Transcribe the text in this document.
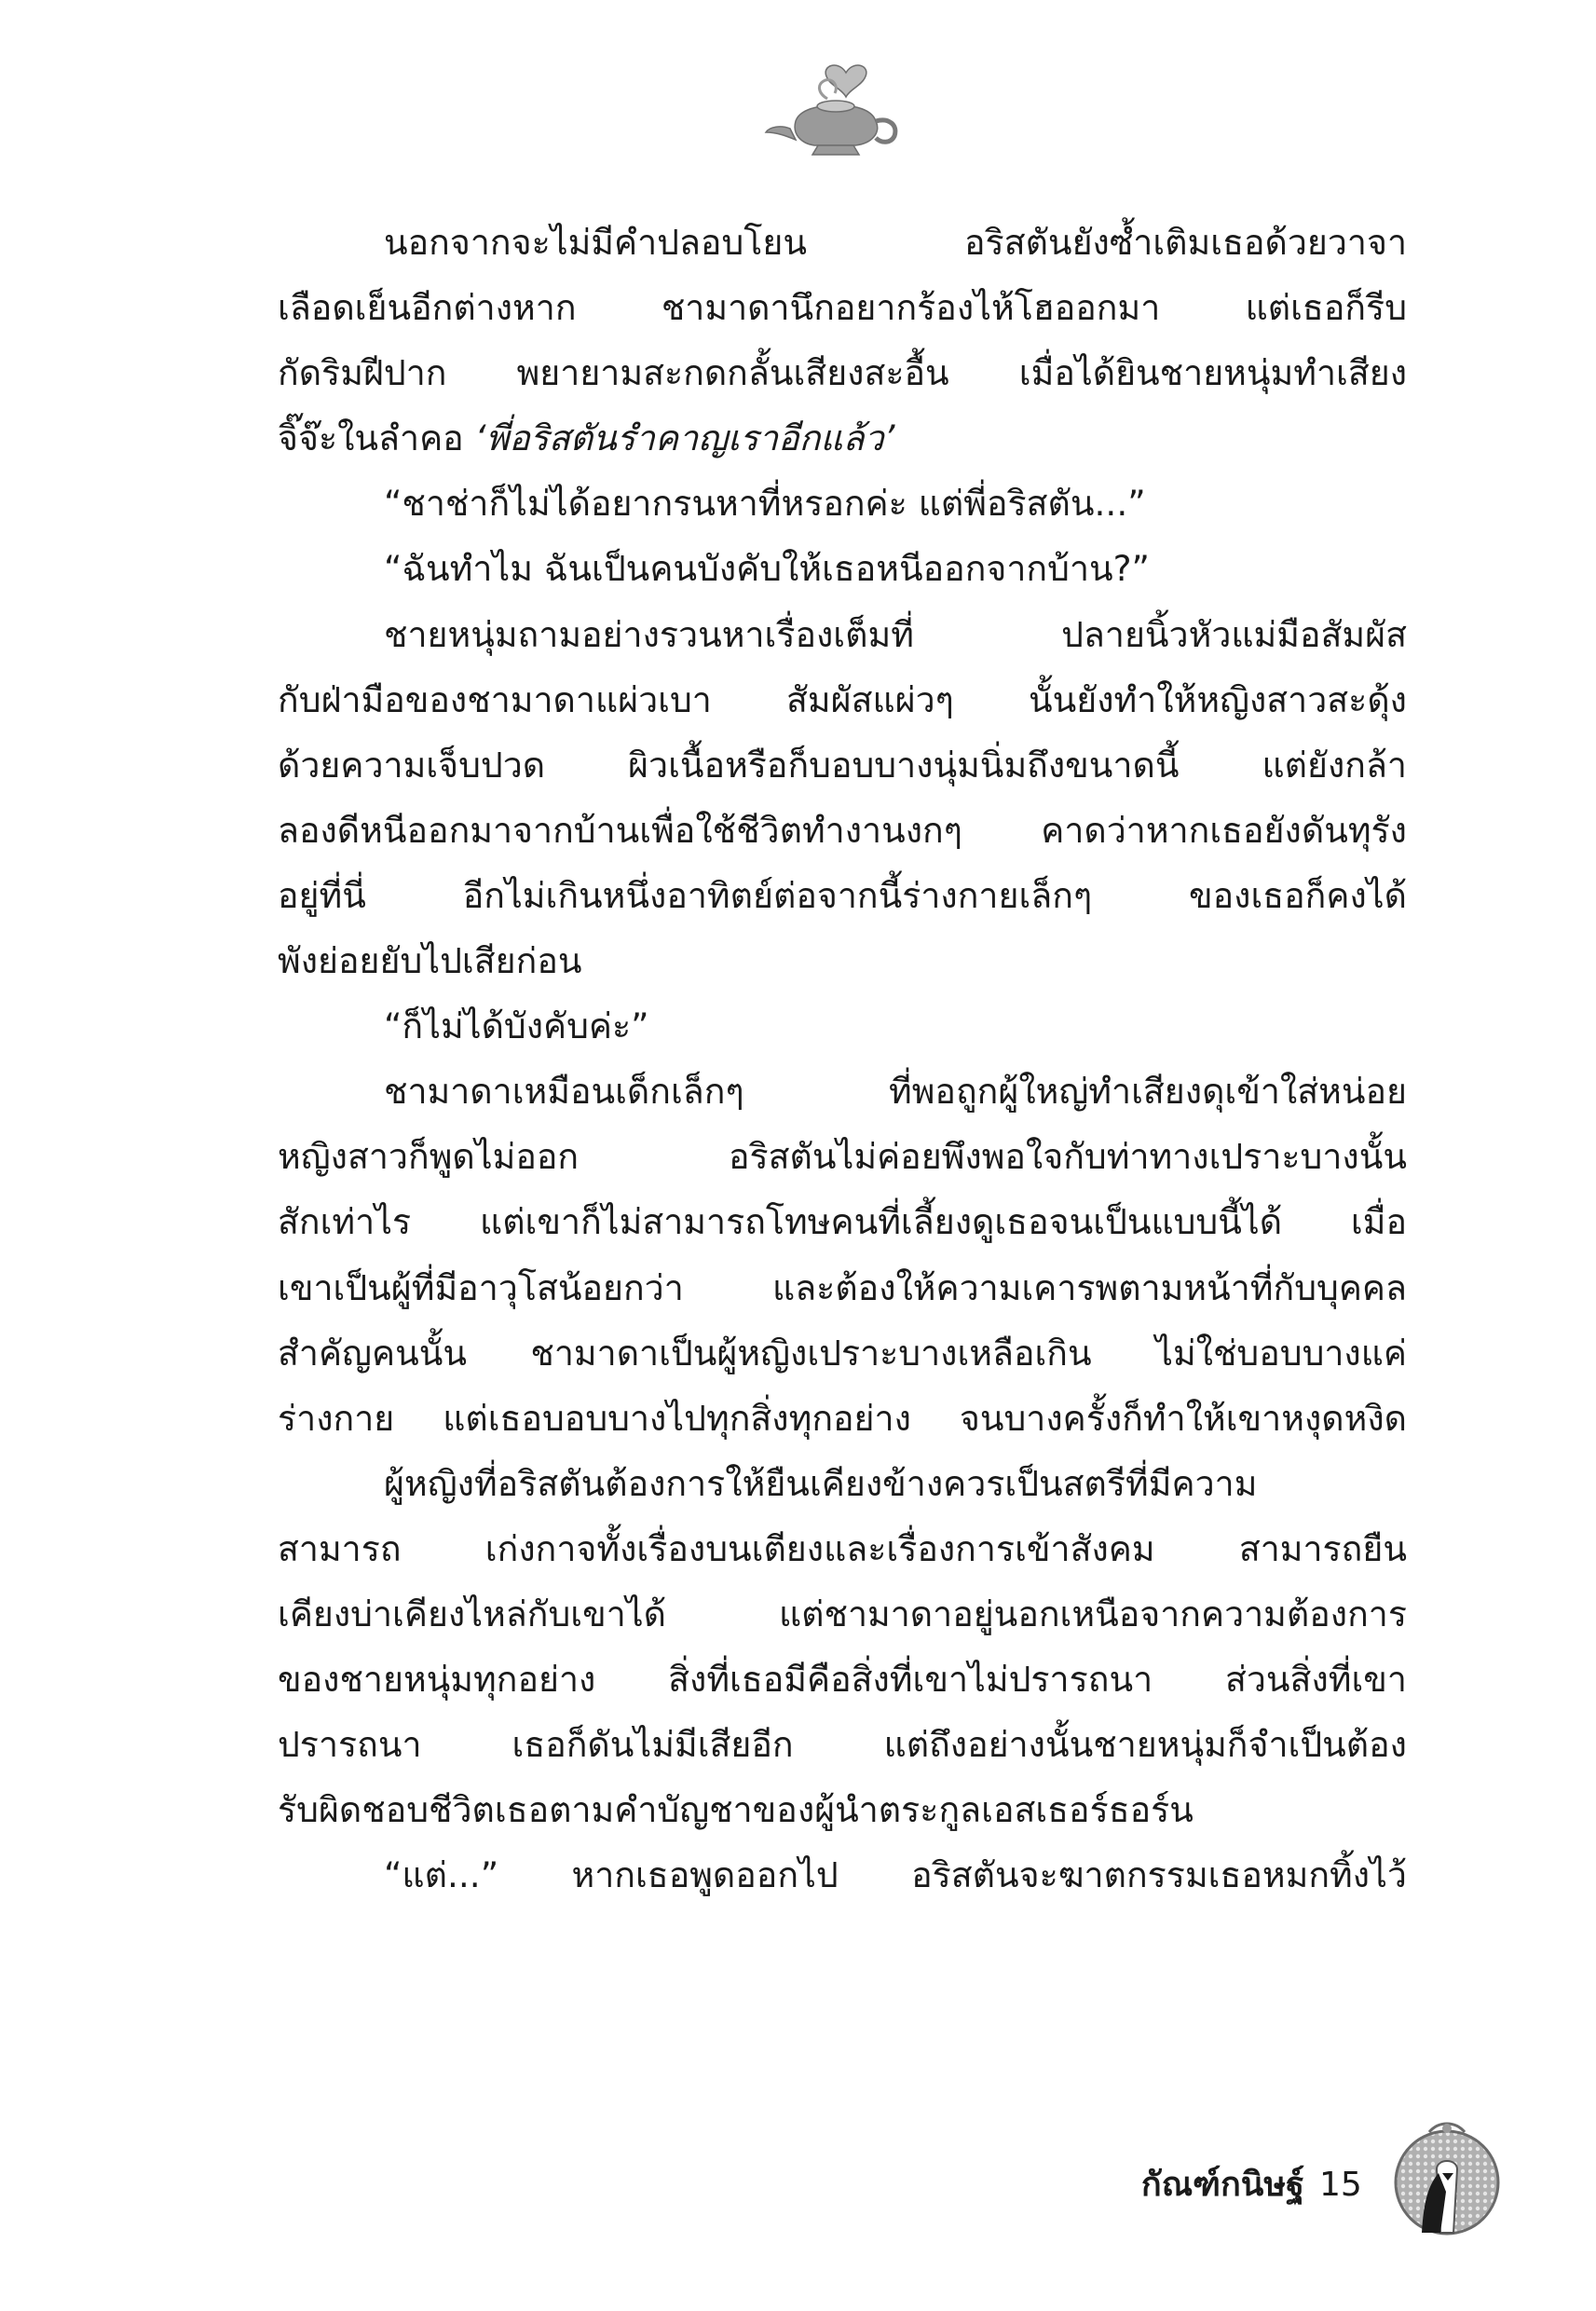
นอกจากจะไม่มีคำปลอบโยน อริสตันยังซ้ำเติมเธอด้วยวาจา
เลือดเย็นอีกต่างหาก ชามาดานึกอยากร้องไห้โฮออกมา แต่เธอก็รีบ
กัดริมฝีปาก พยายามสะกดกลั้นเสียงสะอื้น เมื่อได้ยินชายหนุ่มทำเสียง
จิ๊จ๊ะในลำคอ ‘พี่อริสตันรำคาญเราอีกแล้ว’
“ชาช่าก็ไม่ได้อยากรนหาที่หรอกค่ะ แต่พี่อริสตัน...”
“ฉันทำไม ฉันเป็นคนบังคับให้เธอหนีออกจากบ้าน?”
ชายหนุ่มถามอย่างรวนหาเรื่องเต็มที่ ปลายนิ้วหัวแม่มือสัมผัส
กับฝ่ามือของชามาดาแผ่วเบา สัมผัสแผ่วๆ นั้นยังทำให้หญิงสาวสะดุ้ง
ด้วยความเจ็บปวด ผิวเนื้อหรือก็บอบบางนุ่มนิ่มถึงขนาดนี้ แต่ยังกล้า
ลองดีหนีออกมาจากบ้านเพื่อใช้ชีวิตทำงานงกๆ คาดว่าหากเธอยังดันทุรัง
อยู่ที่นี่ อีกไม่เกินหนึ่งอาทิตย์ต่อจากนี้ร่างกายเล็กๆ ของเธอก็คงได้
พังย่อยยับไปเสียก่อน
“ก็ไม่ได้บังคับค่ะ”
ชามาดาเหมือนเด็กเล็กๆ ที่พอถูกผู้ใหญ่ทำเสียงดุเข้าใส่หน่อย
หญิงสาวก็พูดไม่ออก อริสตันไม่ค่อยพึงพอใจกับท่าทางเปราะบางนั้น
สักเท่าไร แต่เขาก็ไม่สามารถโทษคนที่เลี้ยงดูเธอจนเป็นแบบนี้ได้ เมื่อ
เขาเป็นผู้ที่มีอาวุโสน้อยกว่า และต้องให้ความเคารพตามหน้าที่กับบุคคล
สำคัญคนนั้น ชามาดาเป็นผู้หญิงเปราะบางเหลือเกิน ไม่ใช่บอบบางแค่
ร่างกาย แต่เธอบอบบางไปทุกสิ่งทุกอย่าง จนบางครั้งก็ทำให้เขาหงุดหงิด
ผู้หญิงที่อริสตันต้องการให้ยืนเคียงข้างควรเป็นสตรีที่มีความ
สามารถ เก่งกาจทั้งเรื่องบนเตียงและเรื่องการเข้าสังคม สามารถยืน
เคียงบ่าเคียงไหล่กับเขาได้ แต่ชามาดาอยู่นอกเหนือจากความต้องการ
ของชายหนุ่มทุกอย่าง สิ่งที่เธอมีคือสิ่งที่เขาไม่ปรารถนา ส่วนสิ่งที่เขา
ปรารถนา เธอก็ดันไม่มีเสียอีก แต่ถึงอย่างนั้นชายหนุ่มก็จำเป็นต้อง
รับผิดชอบชีวิตเธอตามคำบัญชาของผู้นำตระกูลเอสเธอร์ธอร์น
“แต่...” หากเธอพูดออกไป อริสตันจะฆาตกรรมเธอหมกทิ้งไว้
กัณฑ์กนิษฐ์ 15
